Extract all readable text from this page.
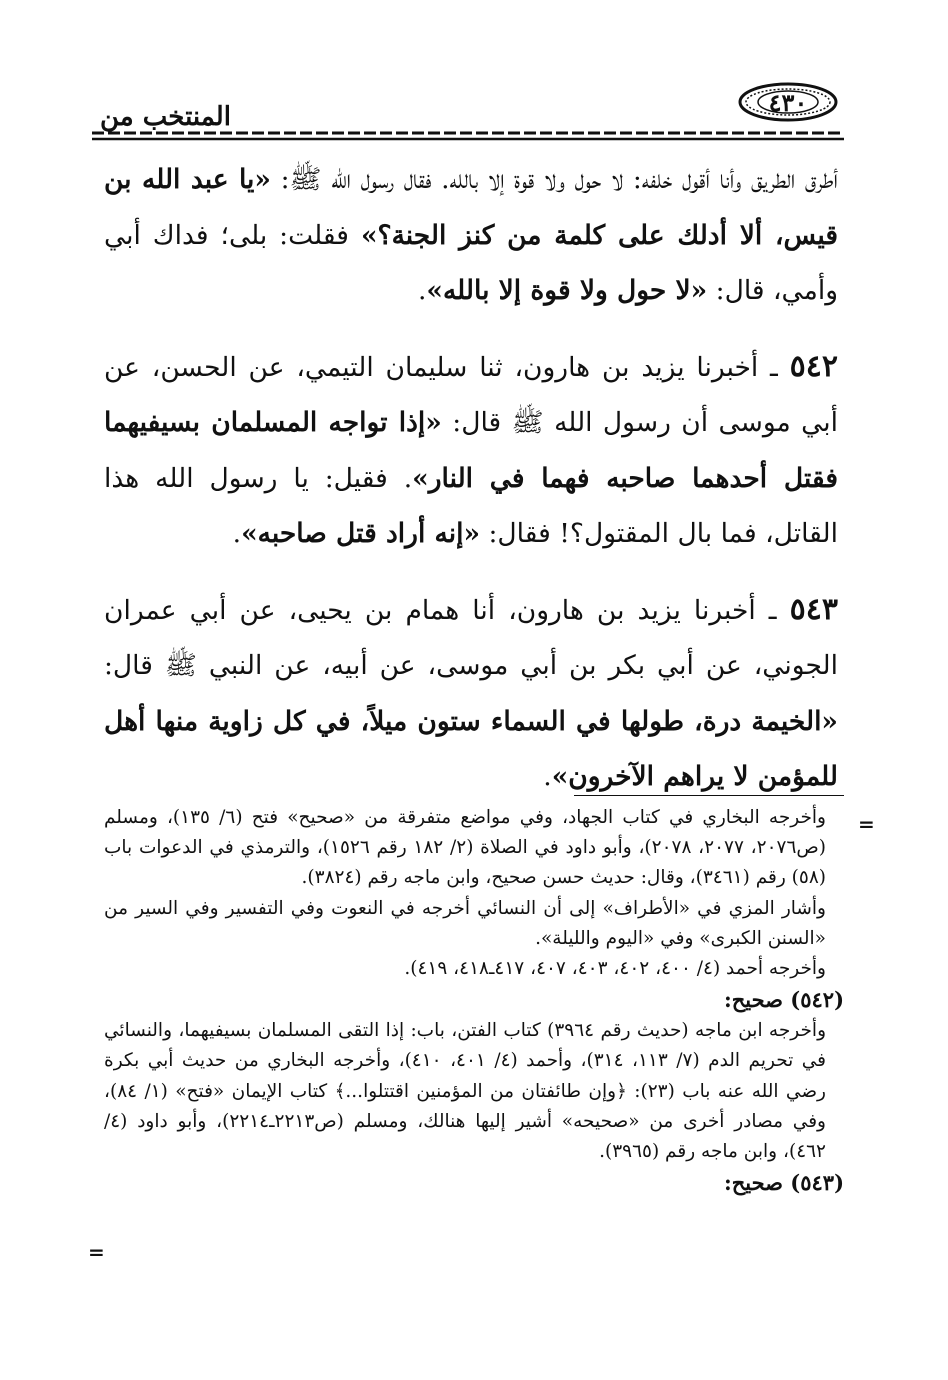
المنتخب من	٤٣٠

أطرق الطريق وأنا أقول خلفه: لا حول ولا قوة إلا بالله. فقال رسول الله ﷺ: «يا عبد الله بن قيس، ألا أدلك على كلمة من كنز الجنة؟» فقلت: بلى؛ فداك أبي وأمي، قال: «لا حول ولا قوة إلا بالله».

٥٤٢ ـ أخبرنا يزيد بن هارون، ثنا سليمان التيمي، عن الحسن، عن أبي موسى أن رسول الله ﷺ قال: «إذا تواجه المسلمان بسيفيهما فقتل أحدهما صاحبه فهما في النار». فقيل: يا رسول الله هذا القاتل، فما بال المقتول؟! فقال: «إنه أراد قتل صاحبه».

٥٤٣ ـ أخبرنا يزيد بن هارون، أنا همام بن يحيى، عن أبي عمران الجوني، عن أبي بكر بن أبي موسى، عن أبيه، عن النبي ﷺ قال: «الخيمة درة، طولها في السماء ستون ميلاً، في كل زاوية منها أهل للمؤمن لا يراهم الآخرون».

=

وأخرجه البخاري في كتاب الجهاد، وفي مواضع متفرقة من «صحيح» فتح (٦/ ١٣٥)، ومسلم (ص٢٠٧٦، ٢٠٧٧، ٢٠٧٨)، وأبو داود في الصلاة (٢/ ١٨٢ رقم ١٥٢٦)، والترمذي في الدعوات باب (٥٨) رقم (٣٤٦١)، وقال: حديث حسن صحيح، وابن ماجه رقم (٣٨٢٤).

وأشار المزي في «الأطراف» إلى أن النسائي أخرجه في النعوت وفي التفسير وفي السير من «السنن الكبرى» وفي «اليوم والليلة».

وأخرجه أحمد (٤/ ٤٠٠، ٤٠٢، ٤٠٣، ٤٠٧، ٤١٧ـ٤١٨، ٤١٩).

(٥٤٢) صحيح:

وأخرجه ابن ماجه (حديث رقم ٣٩٦٤) كتاب الفتن، باب: إذا التقى المسلمان بسيفيهما، والنسائي في تحريم الدم (٧/ ١١٣، ٣١٤)، وأحمد (٤/ ٤٠١، ٤١٠)، وأخرجه البخاري من حديث أبي بكرة رضي الله عنه باب (٢٣): ﴿وإن طائفتان من المؤمنين اقتتلوا...﴾ كتاب الإيمان «فتح» (١/ ٨٤)، وفي مصادر أخرى من «صحيحه» أشير إليها هنالك، ومسلم (ص٢٢١٣ـ٢٢١٤)، وأبو داود (٤/ ٤٦٢)، وابن ماجه رقم (٣٩٦٥).

(٥٤٣) صحيح:

=
